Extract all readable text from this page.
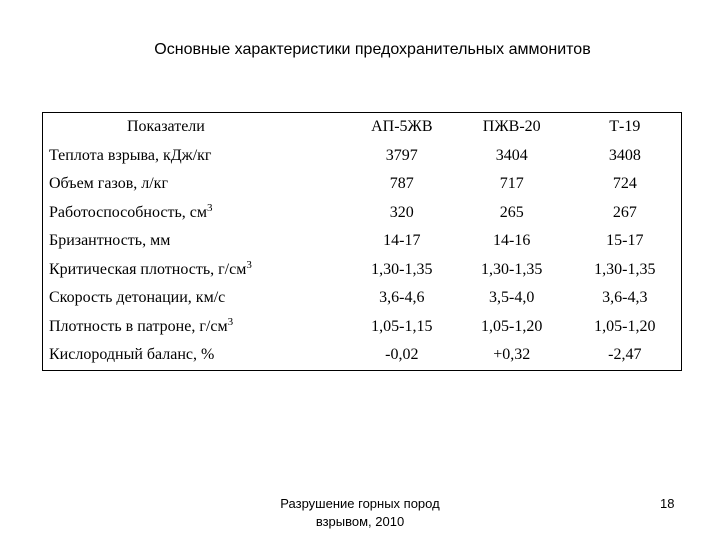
Основные характеристики предохранительных аммонитов
Показатели	АП-5ЖВ	ПЖВ-20	Т-19
Теплота взрыва, кДж/кг	3797	3404	3408
Объем газов, л/кг	787	717	724
Работоспособность, $см^3$	320	265	267
Бризантность, мм	14-17	14-16	15-17
Критическая плотность, $г/см^3$	1,30-1,35	1,30-1,35	1,30-1,35
Скорость детонации, км/с	3,6-4,6	3,5-4,0	3,6-4,3
Плотность в патроне, $г/см^3$	1,05-1,15	1,05-1,20	1,05-1,20
Кислородный баланс, %	-0,02	+0,32	-2,47
Разрушение горных пород
взрывом, 2010
18
